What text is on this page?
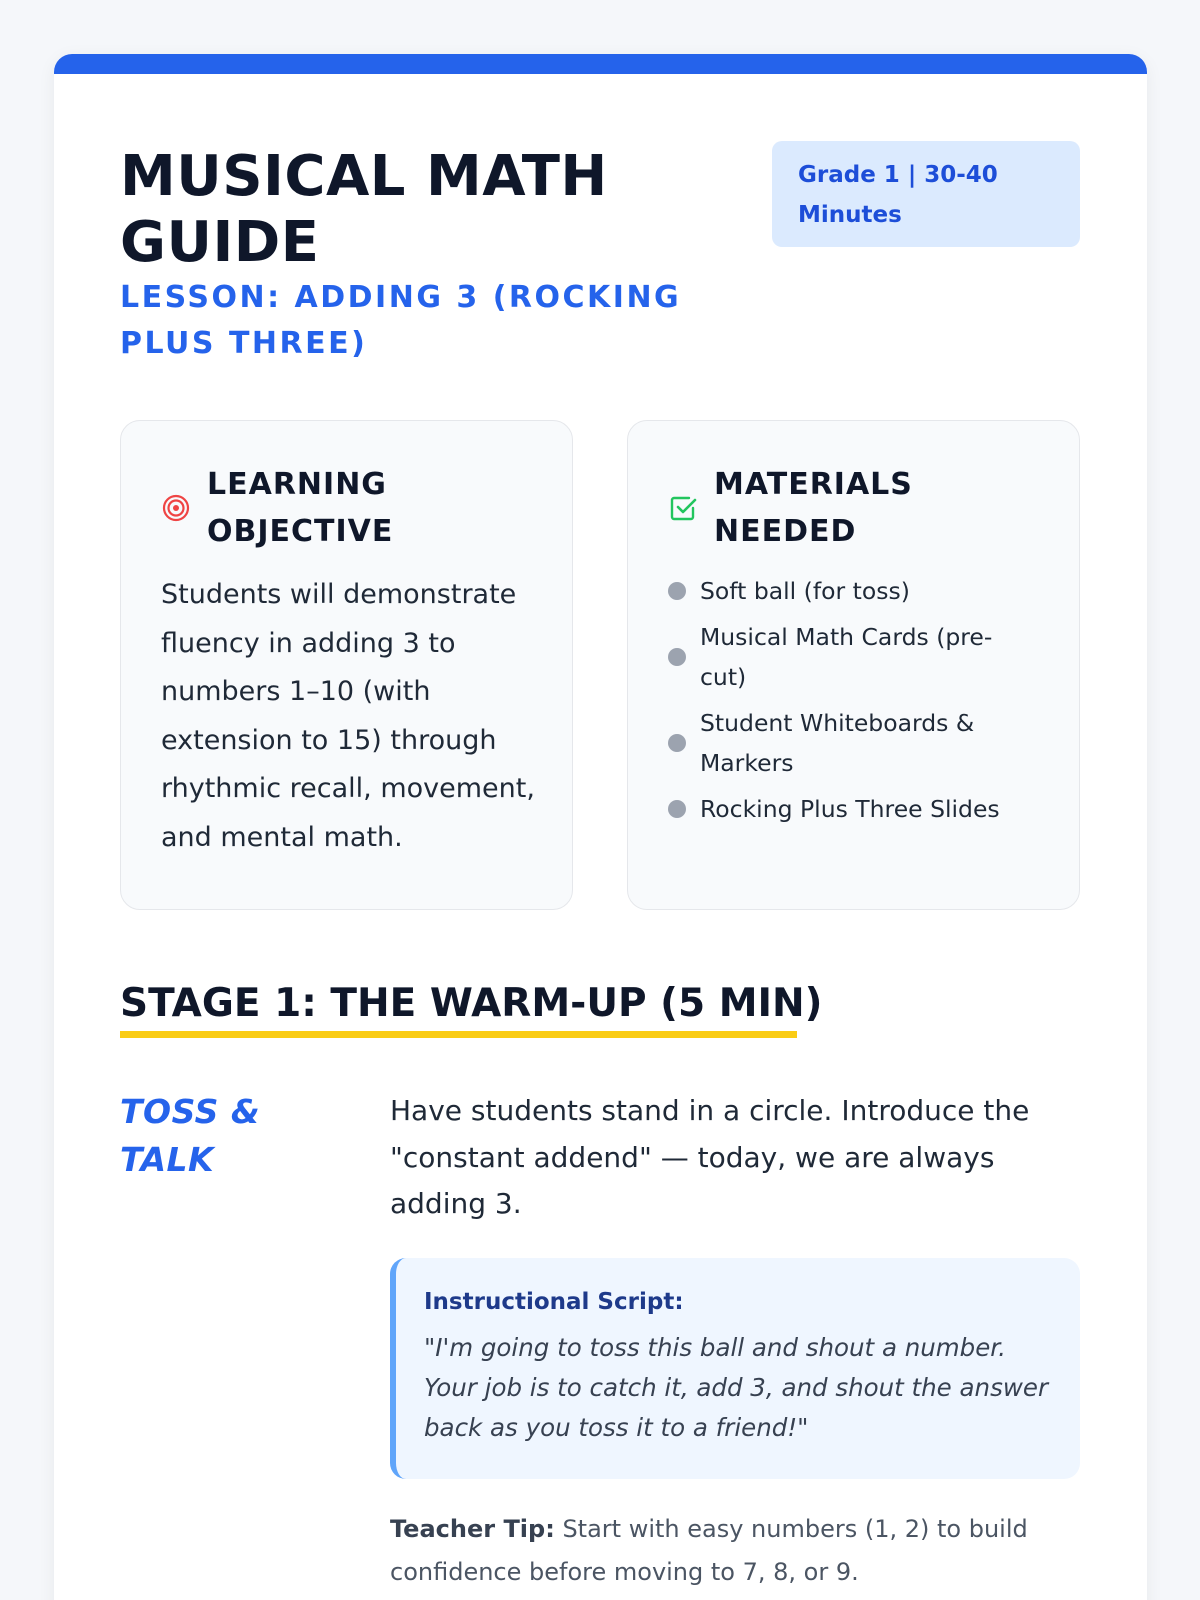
MUSICAL MATH GUIDE
LESSON: ADDING 3 (ROCKING PLUS THREE)
Grade 1 | 30-40 Minutes
LEARNING OBJECTIVE

Students will demonstrate fluency in adding 3 to numbers 1–10 (with extension to 15) through rhythmic recall, movement, and mental math.

MATERIALS NEEDED
Soft ball (for toss)
Musical Math Cards (pre-cut)
Student Whiteboards & Markers
Rocking Plus Three Slides
STAGE 1: THE WARM-UP (5 MIN)
TOSS & TALK

Have students stand in a circle. Introduce the "constant addend" — today, we are always adding 3.

Instructional Script:

"I'm going to toss this ball and shout a number. Your job is to catch it, add 3, and shout the answer back as you toss it to a friend!"

Teacher Tip: Start with easy numbers (1, 2) to build confidence before moving to 7, 8, or 9.
